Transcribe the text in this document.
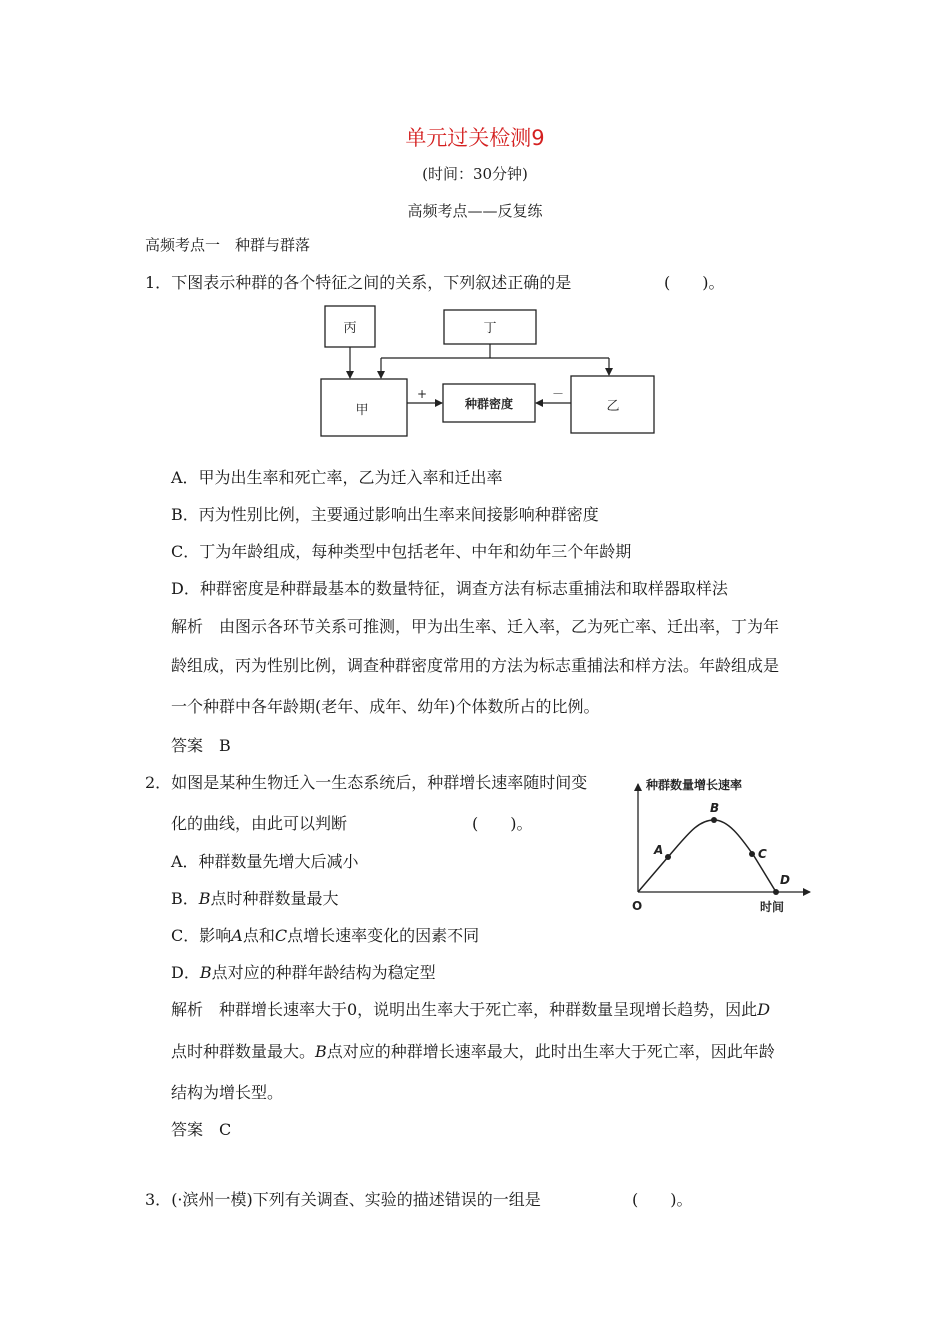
单元过关检测9
(时间：30分钟)
高频考点——反复练
高频考点一　种群与群落
1．下图表示种群的各个特征之间的关系，下列叙述正确的是	(　　)。
丙	丁
甲	种群密度	乙
+	－
A．甲为出生率和死亡率，乙为迁入率和迁出率
B．丙为性别比例，主要通过影响出生率来间接影响种群密度
C．丁为年龄组成，每种类型中包括老年、中年和幼年三个年龄期
D．种群密度是种群最基本的数量特征，调查方法有标志重捕法和取样器取样法
解析　由图示各环节关系可推测，甲为出生率、迁入率，乙为死亡率、迁出率，丁为年
龄组成，丙为性别比例，调查种群密度常用的方法为标志重捕法和样方法。年龄组成是
一个种群中各年龄期(老年、成年、幼年)个体数所占的比例。
答案　B
2．如图是某种生物迁入一生态系统后，种群增长速率随时间变
化的曲线，由此可以判断	(　　)。
A．种群数量先增大后减小
B．B点时种群数量最大
C．影响A点和C点增长速率变化的因素不同
D．B点对应的种群年龄结构为稳定型
解析　种群增长速率大于0，说明出生率大于死亡率，种群数量呈现增长趋势，因此D
点时种群数量最大。B点对应的种群增长速率最大，此时出生率大于死亡率，因此年龄
结构为增长型。
答案　C
种群数量增长速率
时间
O
A
B
C
D
3．(·滨州一模)下列有关调查、实验的描述错误的一组是	(　　)。
